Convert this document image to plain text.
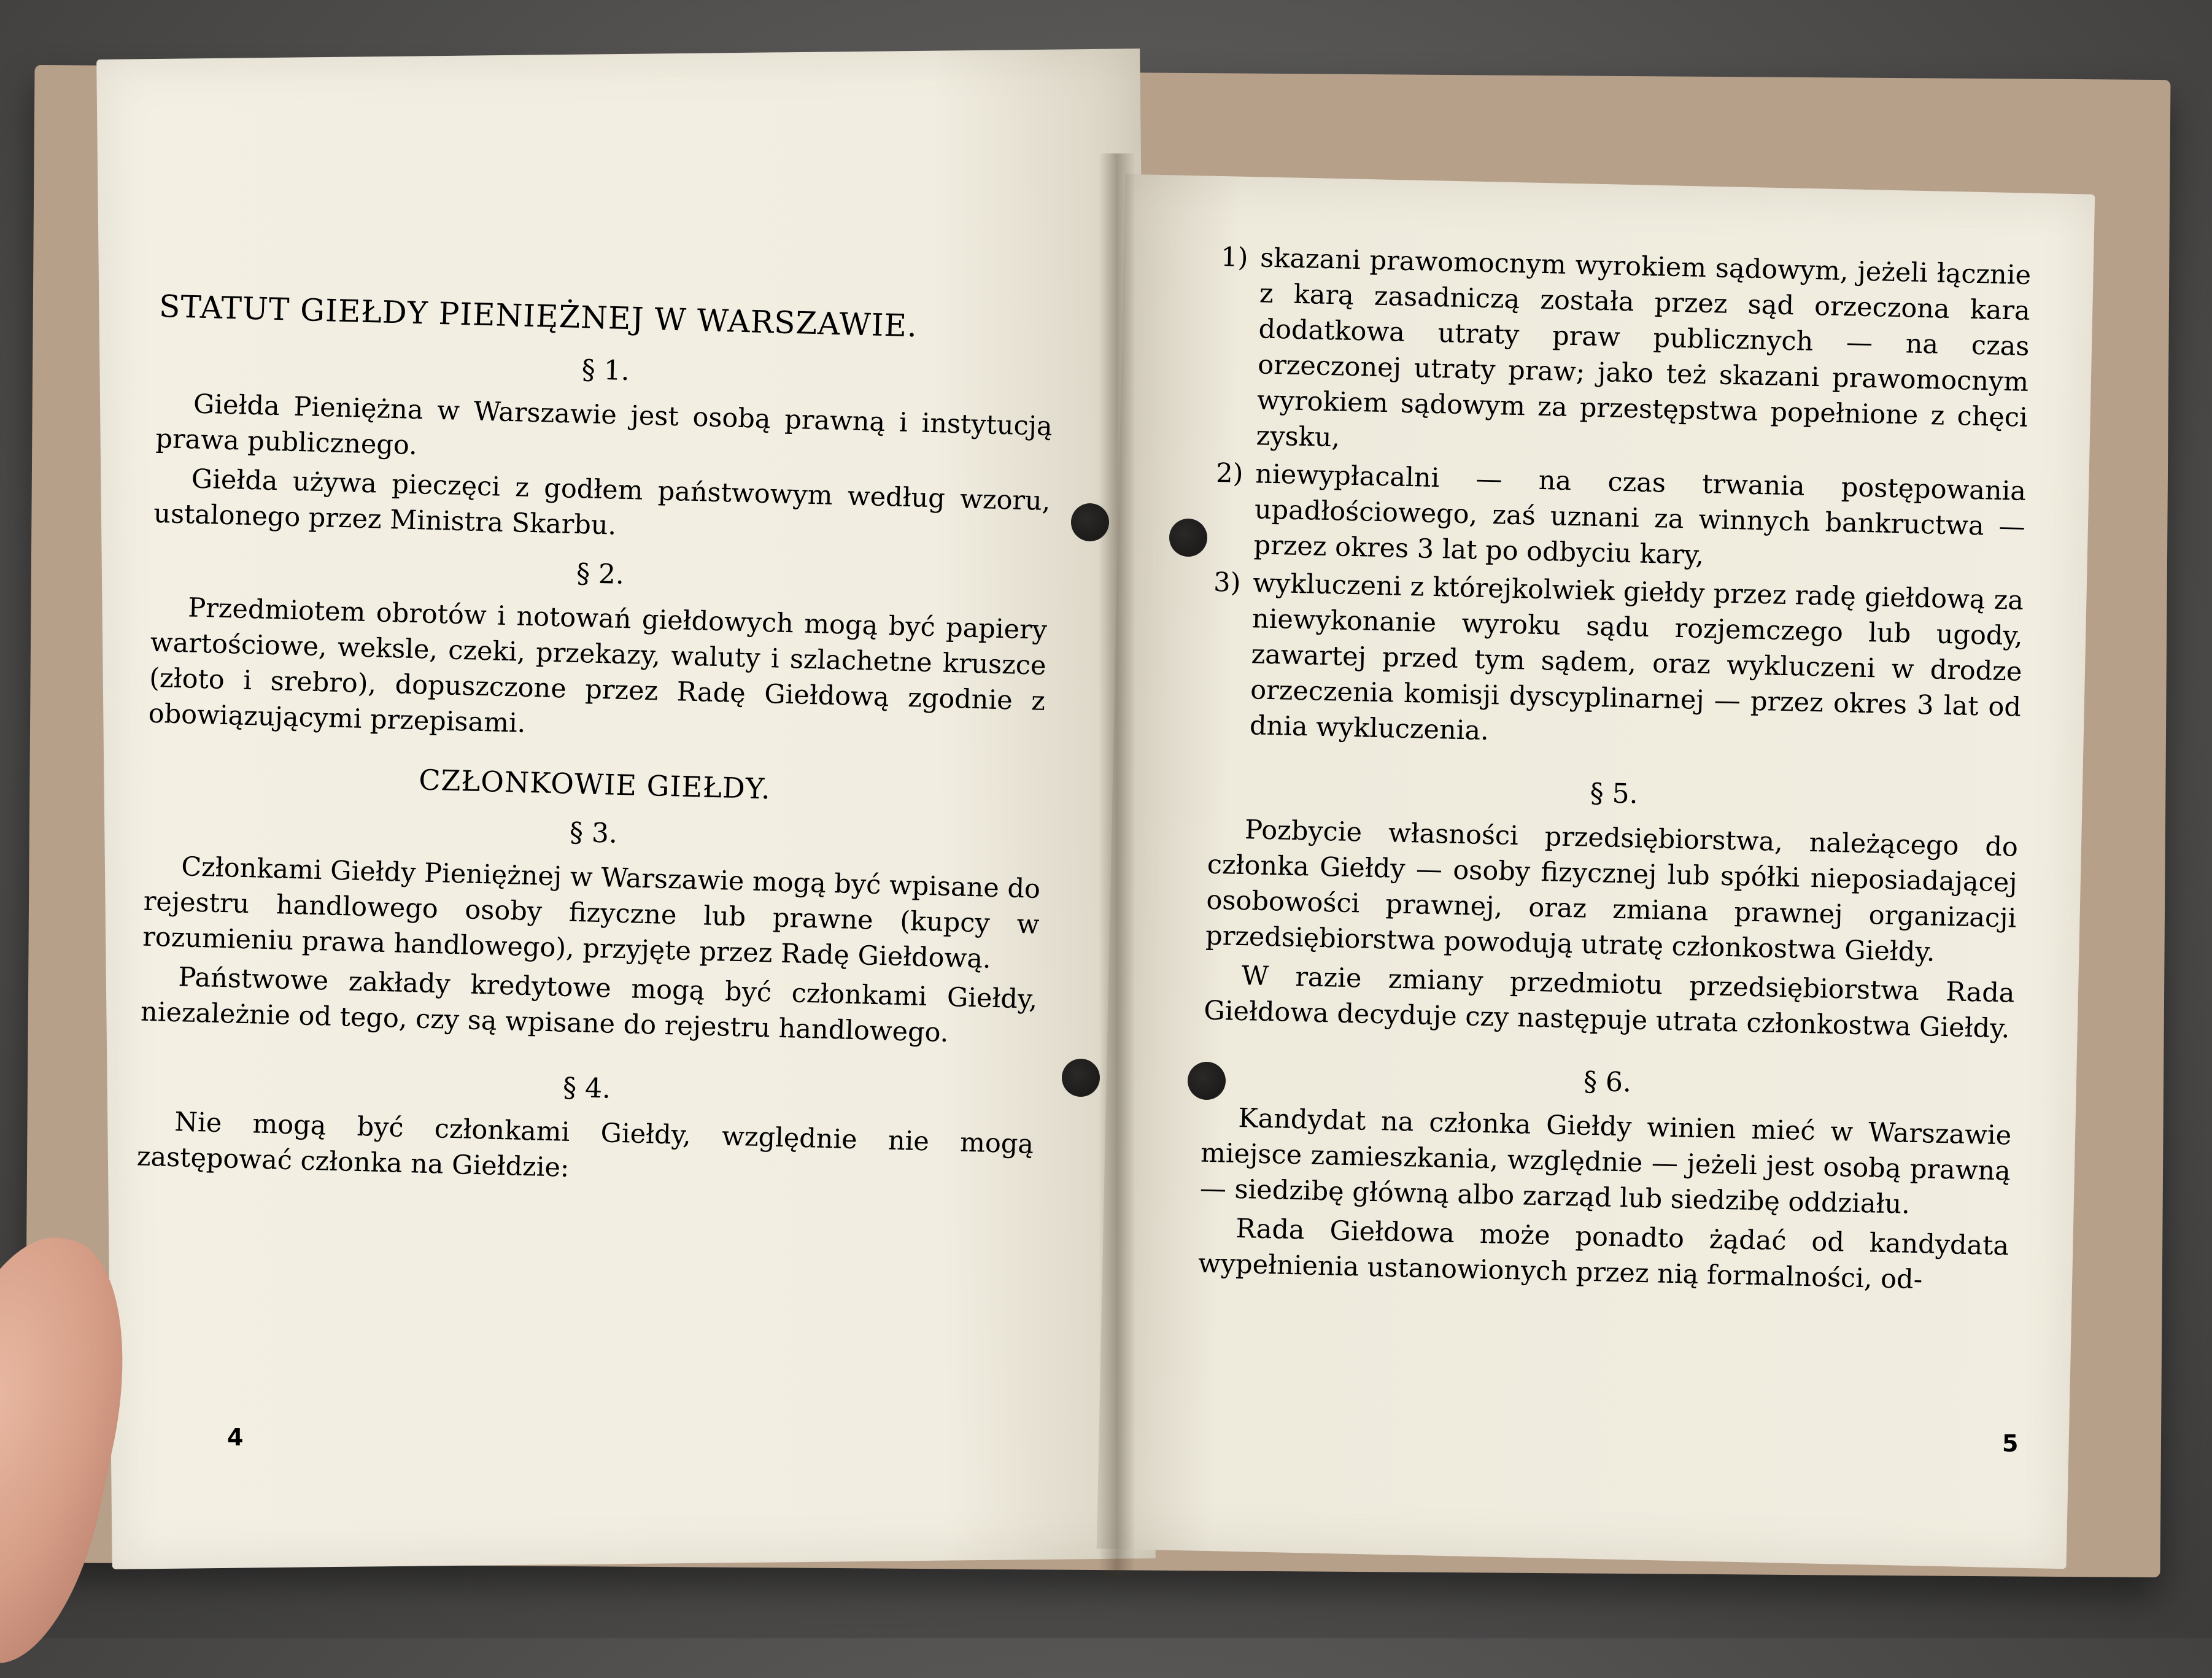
STATUT GIEŁDY PIENIĘŻNEJ W WARSZAWIE.
§ 1.

Giełda Pieniężna w Warszawie jest osobą prawną i instytucją prawa publicznego.

Giełda używa pieczęci z godłem państwowym według wzoru, ustalonego przez Ministra Skarbu.

§ 2.

Przedmiotem obrotów i notowań giełdowych mogą być papiery wartościowe, weksle, czeki, przekazy, waluty i szlachetne kruszce (złoto i srebro), dopuszczone przez Radę Giełdową zgodnie z obowiązującymi przepisami.

CZŁONKOWIE GIEŁDY.
§ 3.

Członkami Giełdy Pieniężnej w Warszawie mogą być wpisane do rejestru handlowego osoby fizyczne lub prawne (kupcy w rozumieniu prawa handlowego), przyjęte przez Radę Giełdową.

Państwowe zakłady kredytowe mogą być członkami Giełdy, niezależnie od tego, czy są wpisane do rejestru handlowego.

§ 4.

Nie mogą być członkami Giełdy, względnie nie mogą zastępować członka na Giełdzie:

1) skazani prawomocnym wyrokiem sądowym, jeżeli łącznie z karą zasadniczą została przez sąd orzeczona kara dodatkowa utraty praw publicznych — na czas orzeczonej utraty praw; jako też skazani prawomocnym wyrokiem sądowym za przestępstwa popełnione z chęci zysku,
2) niewypłacalni — na czas trwania postępowania upadłościowego, zaś uznani za winnych bankructwa — przez okres 3 lat po odbyciu kary,
3) wykluczeni z którejkolwiek giełdy przez radę giełdową za niewykonanie wyroku sądu rozjemczego lub ugody, zawartej przed tym sądem, oraz wykluczeni w drodze orzeczenia komisji dyscyplinarnej — przez okres 3 lat od dnia wykluczenia.
§ 5.

Pozbycie własności przedsiębiorstwa, należącego do członka Giełdy — osoby fizycznej lub spółki nieposiadającej osobowości prawnej, oraz zmiana prawnej organizacji przedsiębiorstwa powodują utratę członkostwa Giełdy.

W razie zmiany przedmiotu przedsiębiorstwa Rada Giełdowa decyduje czy następuje utrata członkostwa Giełdy.

§ 6.

Kandydat na członka Giełdy winien mieć w Warszawie miejsce zamieszkania, względnie — jeżeli jest osobą prawną — siedzibę główną albo zarząd lub siedzibę oddziału.

Rada Giełdowa może ponadto żądać od kandydata wypełnienia ustanowionych przez nią formalności, od-

4	5
